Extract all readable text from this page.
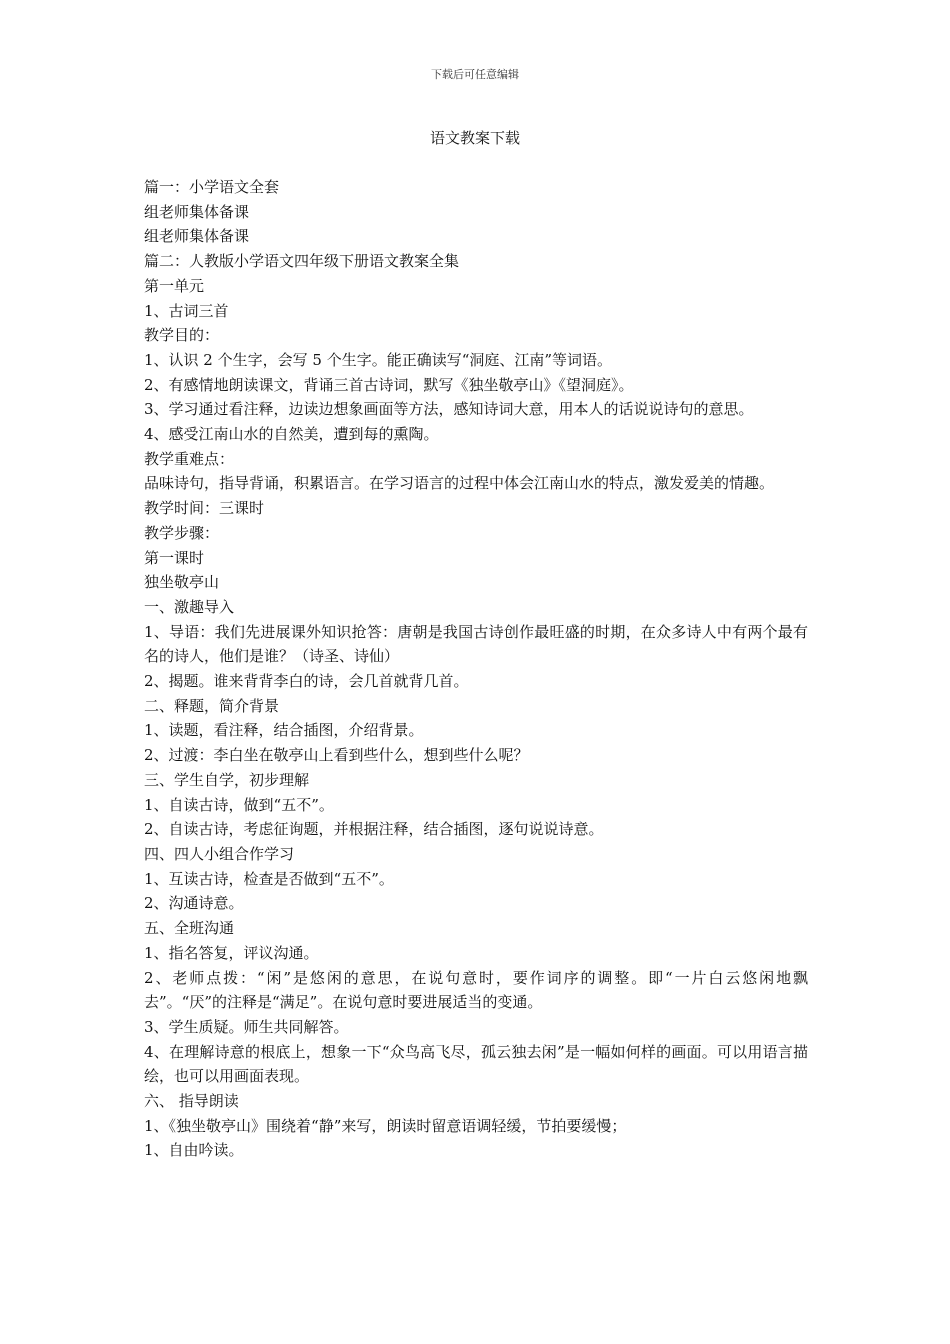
下载后可任意编辑
语文教案下载
篇一：小学语文全套
组老师集体备课
组老师集体备课
篇二：人教版小学语文四年级下册语文教案全集
第一单元
1、古词三首
教学目的：
1、认识 2 个生字，会写 5 个生字。能正确读写“洞庭、江南”等词语。
2、有感情地朗读课文，背诵三首古诗词，默写《独坐敬亭山》《望洞庭》。
3、学习通过看注释，边读边想象画面等方法，感知诗词大意，用本人的话说说诗句的意思。
4、感受江南山水的自然美，遭到每的熏陶。
教学重难点：
品味诗句，指导背诵，积累语言。在学习语言的过程中体会江南山水的特点，激发爱美的情趣。
教学时间：三课时
教学步骤：
第一课时
独坐敬亭山
一、激趣导入
1、导语：我们先进展课外知识抢答：唐朝是我国古诗创作最旺盛的时期，在众多诗人中有两个最有名的诗人，他们是谁？（诗圣、诗仙）
2、揭题。谁来背背李白的诗，会几首就背几首。
二、释题，简介背景
1、读题，看注释，结合插图，介绍背景。
2、过渡：李白坐在敬亭山上看到些什么，想到些什么呢？
三、学生自学，初步理解
1、自读古诗，做到“五不”。
2、自读古诗，考虑征询题，并根据注释，结合插图，逐句说说诗意。
四、四人小组合作学习
1、互读古诗，检查是否做到“五不”。
2、沟通诗意。
五、全班沟通
1、指名答复，评议沟通。
2、老师点拨：“闲”是悠闲的意思，在说句意时，要作词序的调整。即“一片白云悠闲地飘去”。“厌”的注释是“满足”。在说句意时要进展适当的变通。
3、学生质疑。师生共同解答。
4、在理解诗意的根底上，想象一下“众鸟高飞尽，孤云独去闲”是一幅如何样的画面。可以用语言描绘，也可以用画面表现。
六、 指导朗读
1、《独坐敬亭山》围绕着“静”来写，朗读时留意语调轻缓，节拍要缓慢；
1、自由吟读。
